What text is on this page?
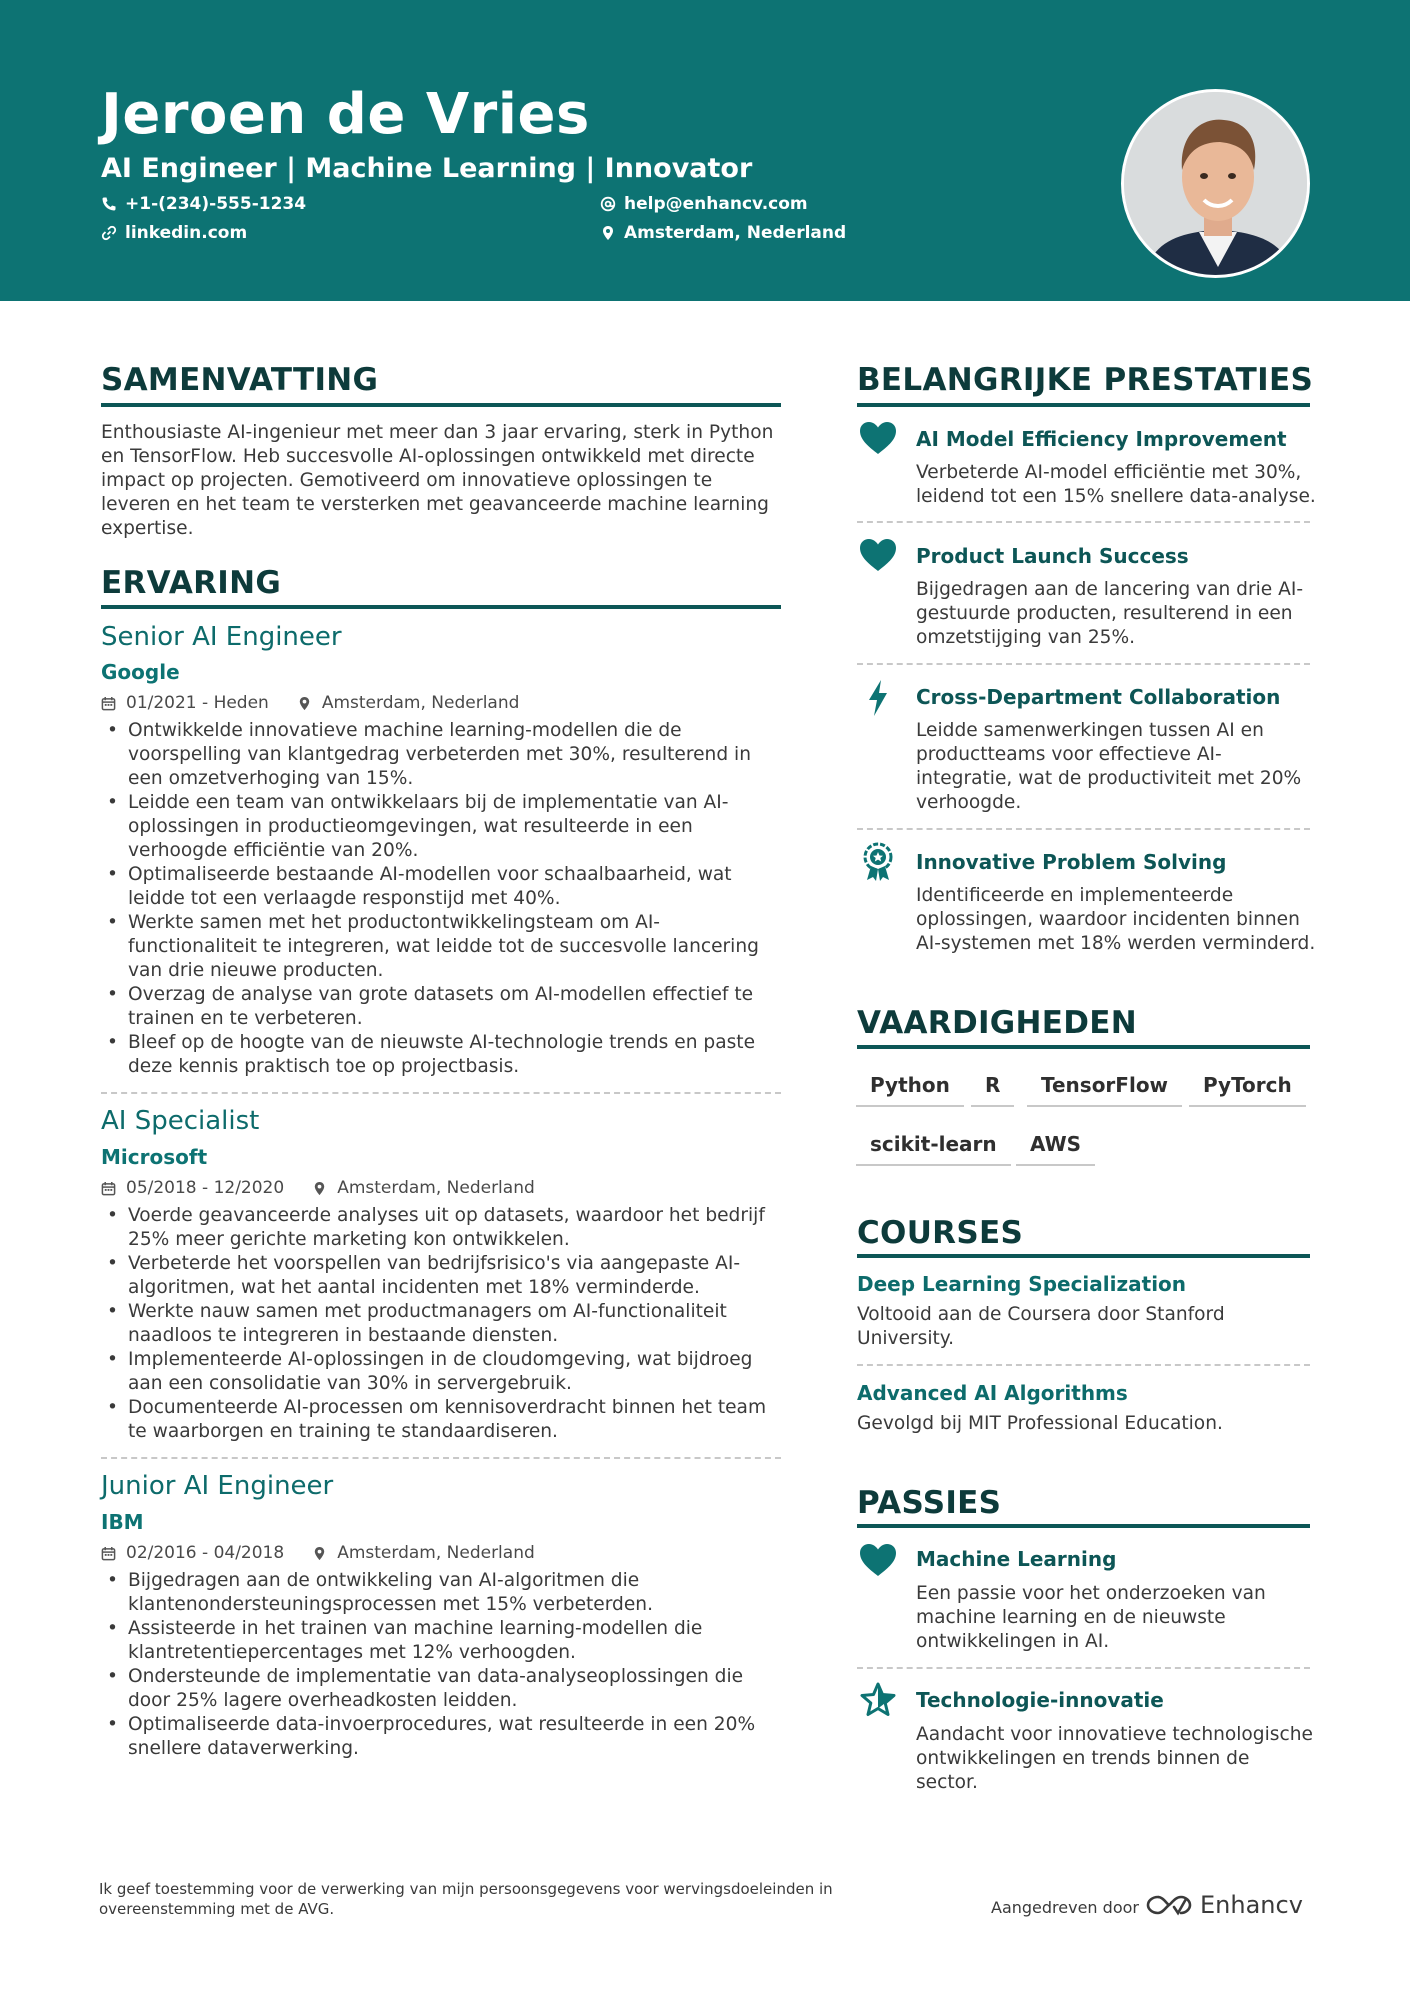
Jeroen de Vries
AI Engineer | Machine Learning | Innovator
+1-(234)-555-1234	help@enhancv.com
linkedin.com	Amsterdam, Nederland
SAMENVATTING
Enthousiaste AI-ingenieur met meer dan 3 jaar ervaring, sterk in Python en TensorFlow. Heb succesvolle AI-oplossingen ontwikkeld met directe impact op projecten. Gemotiveerd om innovatieve oplossingen te leveren en het team te versterken met geavanceerde machine learning expertise.
ERVARING
Senior AI Engineer
Google
01/2021 - Heden	Amsterdam, Nederland
• Ontwikkelde innovatieve machine learning-modellen die de voorspelling van klantgedrag verbeterden met 30%, resulterend in een omzetverhoging van 15%.
• Leidde een team van ontwikkelaars bij de implementatie van AI-oplossingen in productieomgevingen, wat resulteerde in een verhoogde efficiëntie van 20%.
• Optimaliseerde bestaande AI-modellen voor schaalbaarheid, wat leidde tot een verlaagde responstijd met 40%.
• Werkte samen met het productontwikkelingsteam om AI-functionaliteit te integreren, wat leidde tot de succesvolle lancering van drie nieuwe producten.
• Overzag de analyse van grote datasets om AI-modellen effectief te trainen en te verbeteren.
• Bleef op de hoogte van de nieuwste AI-technologie trends en paste deze kennis praktisch toe op projectbasis.
AI Specialist
Microsoft
05/2018 - 12/2020	Amsterdam, Nederland
• Voerde geavanceerde analyses uit op datasets, waardoor het bedrijf 25% meer gerichte marketing kon ontwikkelen.
• Verbeterde het voorspellen van bedrijfsrisico's via aangepaste AI-algoritmen, wat het aantal incidenten met 18% verminderde.
• Werkte nauw samen met productmanagers om AI-functionaliteit naadloos te integreren in bestaande diensten.
• Implementeerde AI-oplossingen in de cloudomgeving, wat bijdroeg aan een consolidatie van 30% in servergebruik.
• Documenteerde AI-processen om kennisoverdracht binnen het team te waarborgen en training te standaardiseren.
Junior AI Engineer
IBM
02/2016 - 04/2018	Amsterdam, Nederland
• Bijgedragen aan de ontwikkeling van AI-algoritmen die klantenondersteuningsprocessen met 15% verbeterden.
• Assisteerde in het trainen van machine learning-modellen die klantretentiepercentages met 12% verhoogden.
• Ondersteunde de implementatie van data-analyseoplossingen die door 25% lagere overheadkosten leidden.
• Optimaliseerde data-invoerprocedures, wat resulteerde in een 20% snellere dataverwerking.
BELANGRIJKE PRESTATIES
AI Model Efficiency Improvement
Verbeterde AI-model efficiëntie met 30%, leidend tot een 15% snellere data-analyse.
Product Launch Success
Bijgedragen aan de lancering van drie AI-gestuurde producten, resulterend in een omzetstijging van 25%.
Cross-Department Collaboration
Leidde samenwerkingen tussen AI en productteams voor effectieve AI-integratie, wat de productiviteit met 20% verhoogde.
Innovative Problem Solving
Identificeerde en implementeerde oplossingen, waardoor incidenten binnen AI-systemen met 18% werden verminderd.
VAARDIGHEDEN
Python	R	TensorFlow	PyTorch
scikit-learn	AWS
COURSES
Deep Learning Specialization
Voltooid aan de Coursera door Stanford University.
Advanced AI Algorithms
Gevolgd bij MIT Professional Education.
PASSIES
Machine Learning
Een passie voor het onderzoeken van machine learning en de nieuwste ontwikkelingen in AI.
Technologie-innovatie
Aandacht voor innovatieve technologische ontwikkelingen en trends binnen de sector.
Ik geef toestemming voor de verwerking van mijn persoonsgegevens voor wervingsdoeleinden in overeenstemming met de AVG.	Aangedreven door	Enhancv
